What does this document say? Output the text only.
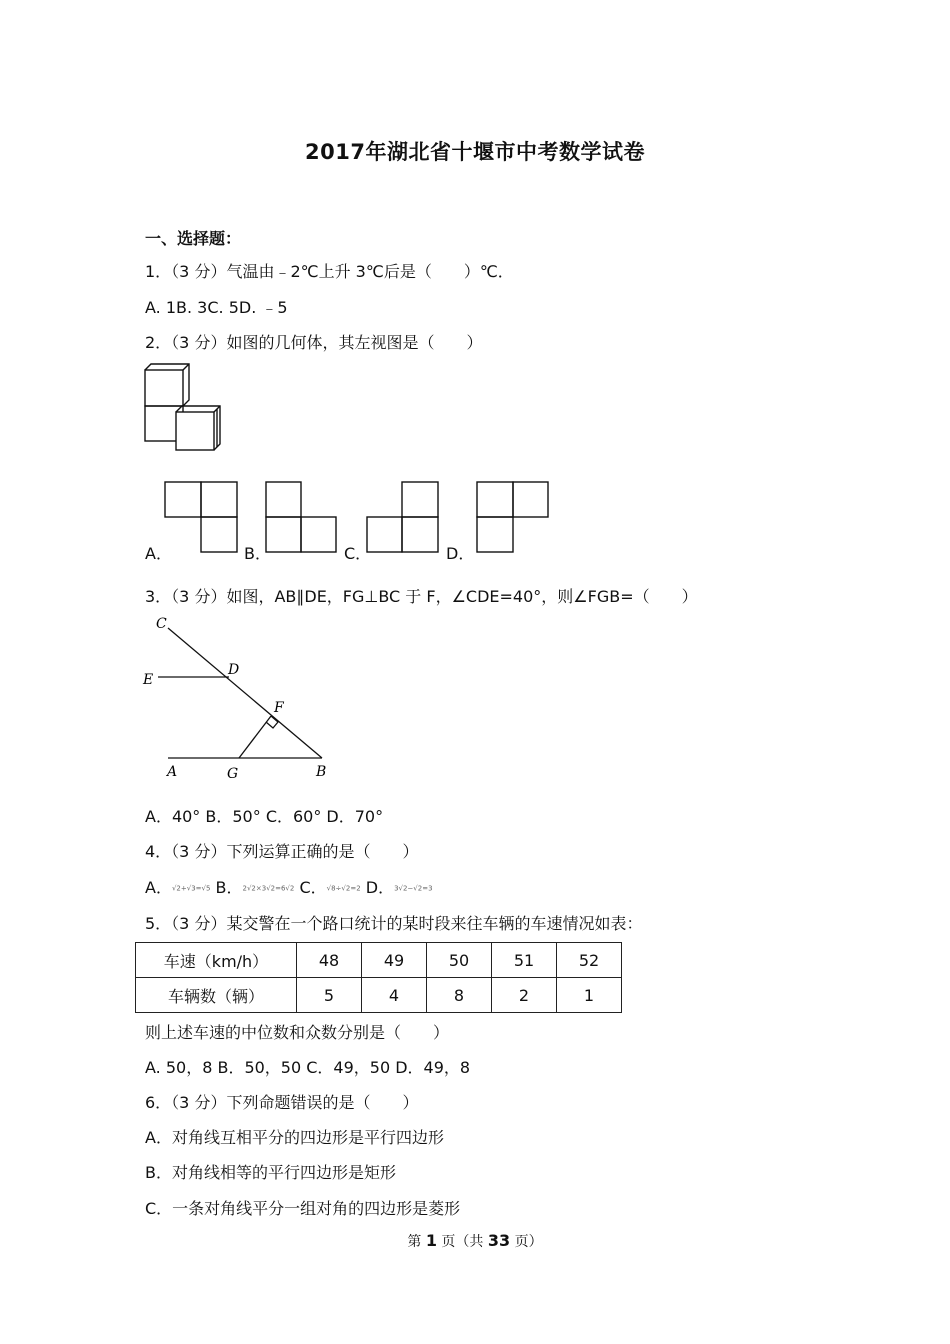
2017年湖北省十堰市中考数学试卷
一、选择题：
1．（3 分）气温由﹣2℃上升 3℃后是（　　）℃．
A. 1B. 3C. 5D. ﹣5
2．（3 分）如图的几何体，其左视图是（　　）
A．	B．	C．	D．
3．（3 分）如图，AB∥DE，FG⊥BC 于 F，∠CDE=40°，则∠FGB=（　　）
C
D
E
F
A	G	B
A．40° B．50° C．60° D．70°
4．（3 分）下列运算正确的是（　　）
A．√2+√3=√5 B．2√2×3√2=6√2 C．√8÷√2=2 D．3√2−√2=3
5．（3 分）某交警在一个路口统计的某时段来往车辆的车速情况如表：
车速（km/h）	48	49	50	51	52
车辆数（辆）	5	4	8	2	1
则上述车速的中位数和众数分别是（　　）
A. 50，8 B．50，50 C．49，50 D．49，8
6．（3 分）下列命题错误的是（　　）
A．对角线互相平分的四边形是平行四边形
B．对角线相等的平行四边形是矩形
C．一条对角线平分一组对角的四边形是菱形
第 1 页（共 33 页）
